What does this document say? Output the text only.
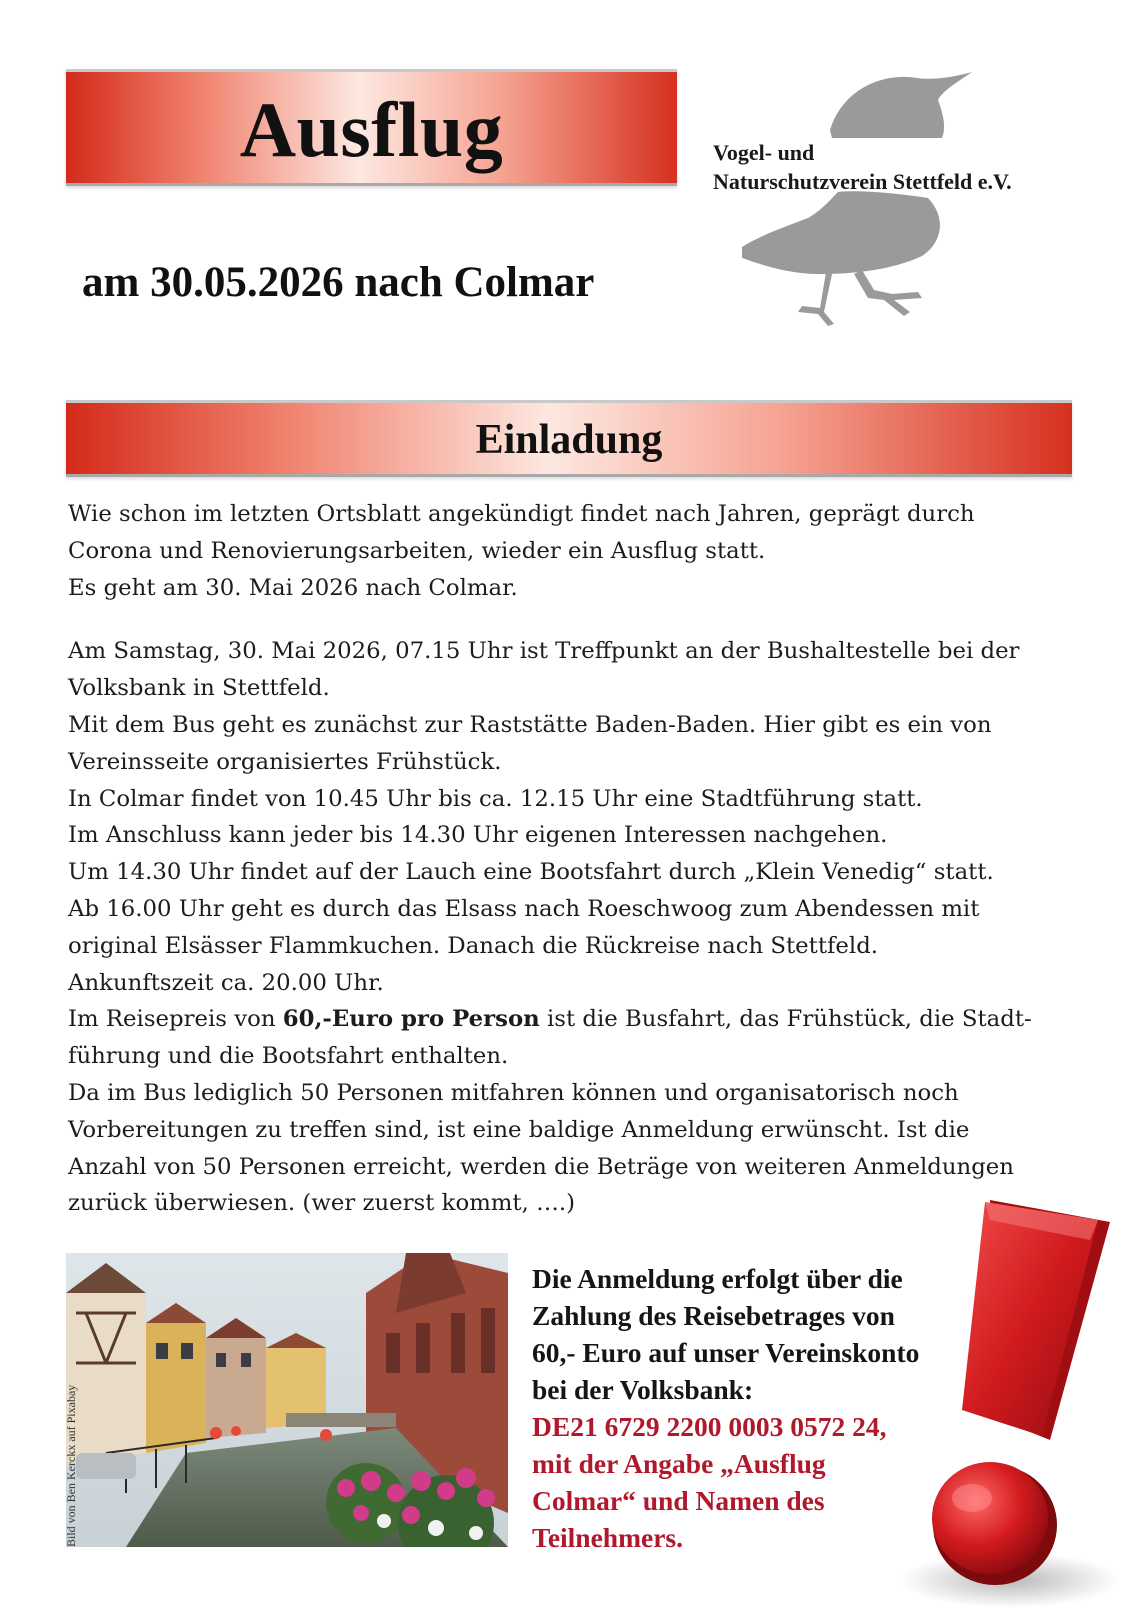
Ausflug	Vogel- und
Naturschutzverein Stettfeld e.V.
am 30.05.2026 nach Colmar
Einladung

Wie schon im letzten Ortsblatt angekündigt findet nach Jahren, geprägt durch

Corona und Renovierungsarbeiten, wieder ein Ausflug statt.

Es geht am 30. Mai 2026 nach Colmar.

Am Samstag, 30. Mai 2026, 07.15 Uhr ist Treffpunkt an der Bushaltestelle bei der

Volksbank in Stettfeld.

Mit dem Bus geht es zunächst zur Raststätte Baden-Baden. Hier gibt es ein von

Vereinsseite organisiertes Frühstück.

In Colmar findet von 10.45 Uhr bis ca. 12.15 Uhr eine Stadtführung statt.

Im Anschluss kann jeder bis 14.30 Uhr eigenen Interessen nachgehen.

Um 14.30 Uhr findet auf der Lauch eine Bootsfahrt durch „Klein Venedig“ statt.

Ab 16.00 Uhr geht es durch das Elsass nach Roeschwoog zum Abendessen mit

original Elsässer Flammkuchen. Danach die Rückreise nach Stettfeld.

Ankunftszeit ca. 20.00 Uhr.

Im Reisepreis von 60,-Euro pro Person ist die Busfahrt, das Frühstück, die Stadt-

führung und die Bootsfahrt enthalten.

Da im Bus lediglich 50 Personen mitfahren können und organisatorisch noch

Vorbereitungen zu treffen sind, ist eine baldige Anmeldung erwünscht. Ist die

Anzahl von 50 Personen erreicht, werden die Beträge von weiteren Anmeldungen

zurück überwiesen. (wer zuerst kommt, ….)

Bild von Ben Kerckx auf Pixabay

Die Anmeldung erfolgt über die

Zahlung des Reisebetrages von

60,- Euro auf unser Vereinskonto

bei der Volksbank:

DE21 6729 2200 0003 0572 24,

mit der Angabe „Ausflug

Colmar“ und Namen des

Teilnehmers.
